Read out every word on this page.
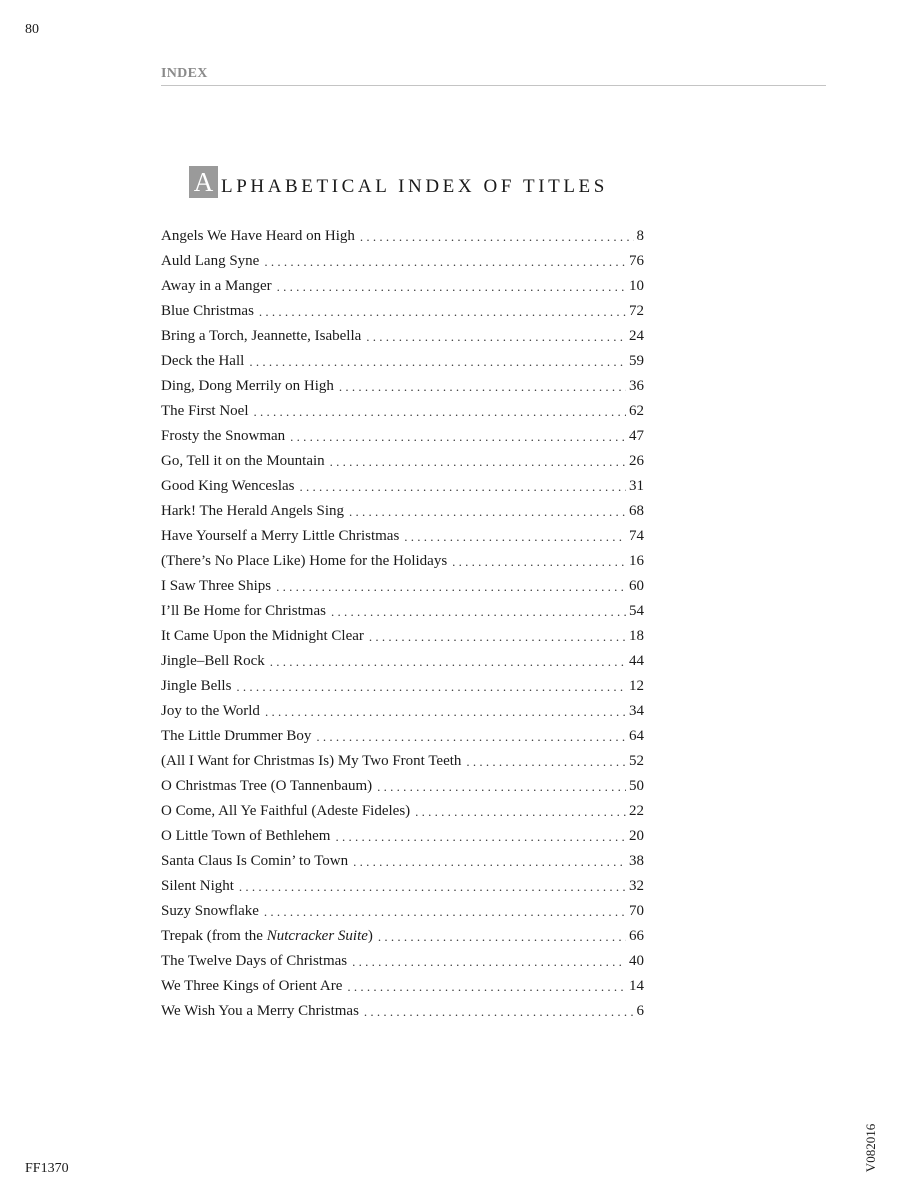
80
INDEX
A LPHABETICAL INDEX OF TITLES
Angels We Have Heard on High . . .	8
Auld Lang Syne . . .	76
Away in a Manger . . .	10
Blue Christmas . . .	72
Bring a Torch, Jeannette, Isabella . . .	24
Deck the Hall . . .	59
Ding, Dong Merrily on High . . .	36
The First Noel . . .	62
Frosty the Snowman . . .	47
Go, Tell it on the Mountain . . .	26
Good King Wenceslas . . .	31
Hark! The Herald Angels Sing . . .	68
Have Yourself a Merry Little Christmas . . .	74
(There’s No Place Like) Home for the Holidays . . .	16
I Saw Three Ships . . .	60
I’ll Be Home for Christmas . . .	54
It Came Upon the Midnight Clear . . .	18
Jingle–Bell Rock . . .	44
Jingle Bells . . .	12
Joy to the World . . .	34
The Little Drummer Boy . . .	64
(All I Want for Christmas Is) My Two Front Teeth . . .	52
O Christmas Tree (O Tannenbaum) . . .	50
O Come, All Ye Faithful (Adeste Fideles) . . .	22
O Little Town of Bethlehem . . .	20
Santa Claus Is Comin’ to Town . . .	38
Silent Night . . .	32
Suzy Snowflake . . .	70
Trepak (from the Nutcracker Suite) . . .	66
The Twelve Days of Christmas . . .	40
We Three Kings of Orient Are . . .	14
We Wish You a Merry Christmas . . .	6
FF1370	V082016
